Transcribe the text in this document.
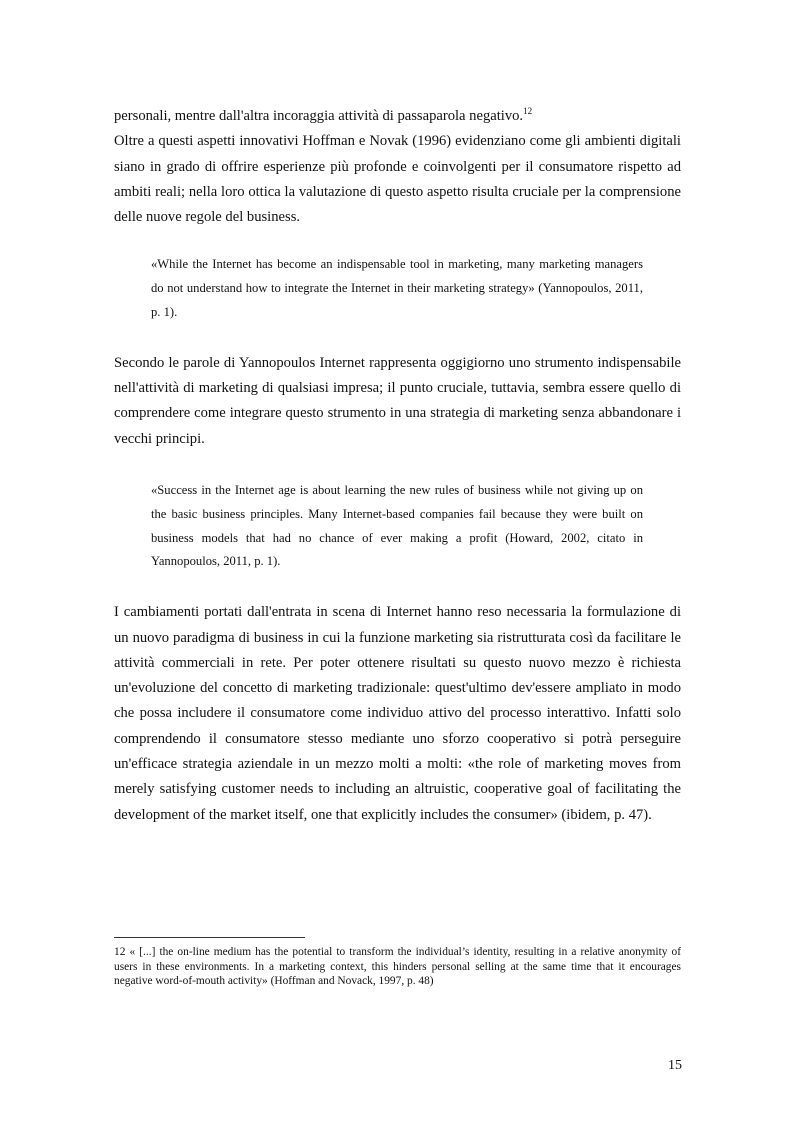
personali, mentre dall'altra incoraggia attività di passaparola negativo.$^{12}$

Oltre a questi aspetti innovativi Hoffman e Novak (1996) evidenziano come gli ambienti digitali siano in grado di offrire esperienze più profonde e coinvolgenti per il consumatore rispetto ad ambiti reali; nella loro ottica la valutazione di questo aspetto risulta cruciale per la comprensione delle nuove regole del business.

«While the Internet has become an indispensable tool in marketing, many marketing managers do not understand how to integrate the Internet in their marketing strategy» (Yannopoulos, 2011, p. 1).

Secondo le parole di Yannopoulos Internet rappresenta oggigiorno uno strumento indispensabile nell'attività di marketing di qualsiasi impresa; il punto cruciale, tuttavia, sembra essere quello di comprendere come integrare questo strumento in una strategia di marketing senza abbandonare i vecchi principi.

«Success in the Internet age is about learning the new rules of business while not giving up on the basic business principles. Many Internet-based companies fail because they were built on business models that had no chance of ever making a profit (Howard, 2002, citato in Yannopoulos, 2011, p. 1).

I cambiamenti portati dall'entrata in scena di Internet hanno reso necessaria la formulazione di un nuovo paradigma di business in cui la funzione marketing sia ristrutturata così da facilitare le attività commerciali in rete. Per poter ottenere risultati su questo nuovo mezzo è richiesta un'evoluzione del concetto di marketing tradizionale: quest'ultimo dev'essere ampliato in modo che possa includere il consumatore come individuo attivo del processo interattivo. Infatti solo comprendendo il consumatore stesso mediante uno sforzo cooperativo si potrà perseguire un'efficace strategia aziendale in un mezzo molti a molti: «the role of marketing moves from merely satisfying customer needs to including an altruistic, cooperative goal of facilitating the development of the market itself, one that explicitly includes the consumer» (ibidem, p. 47).

12 « [...] the on-line medium has the potential to transform the individual’s identity, resulting in a relative anonymity of users in these environments. In a marketing context, this hinders personal selling at the same time that it encourages negative word-of-mouth activity» (Hoffman and Novack, 1997, p. 48)

15
